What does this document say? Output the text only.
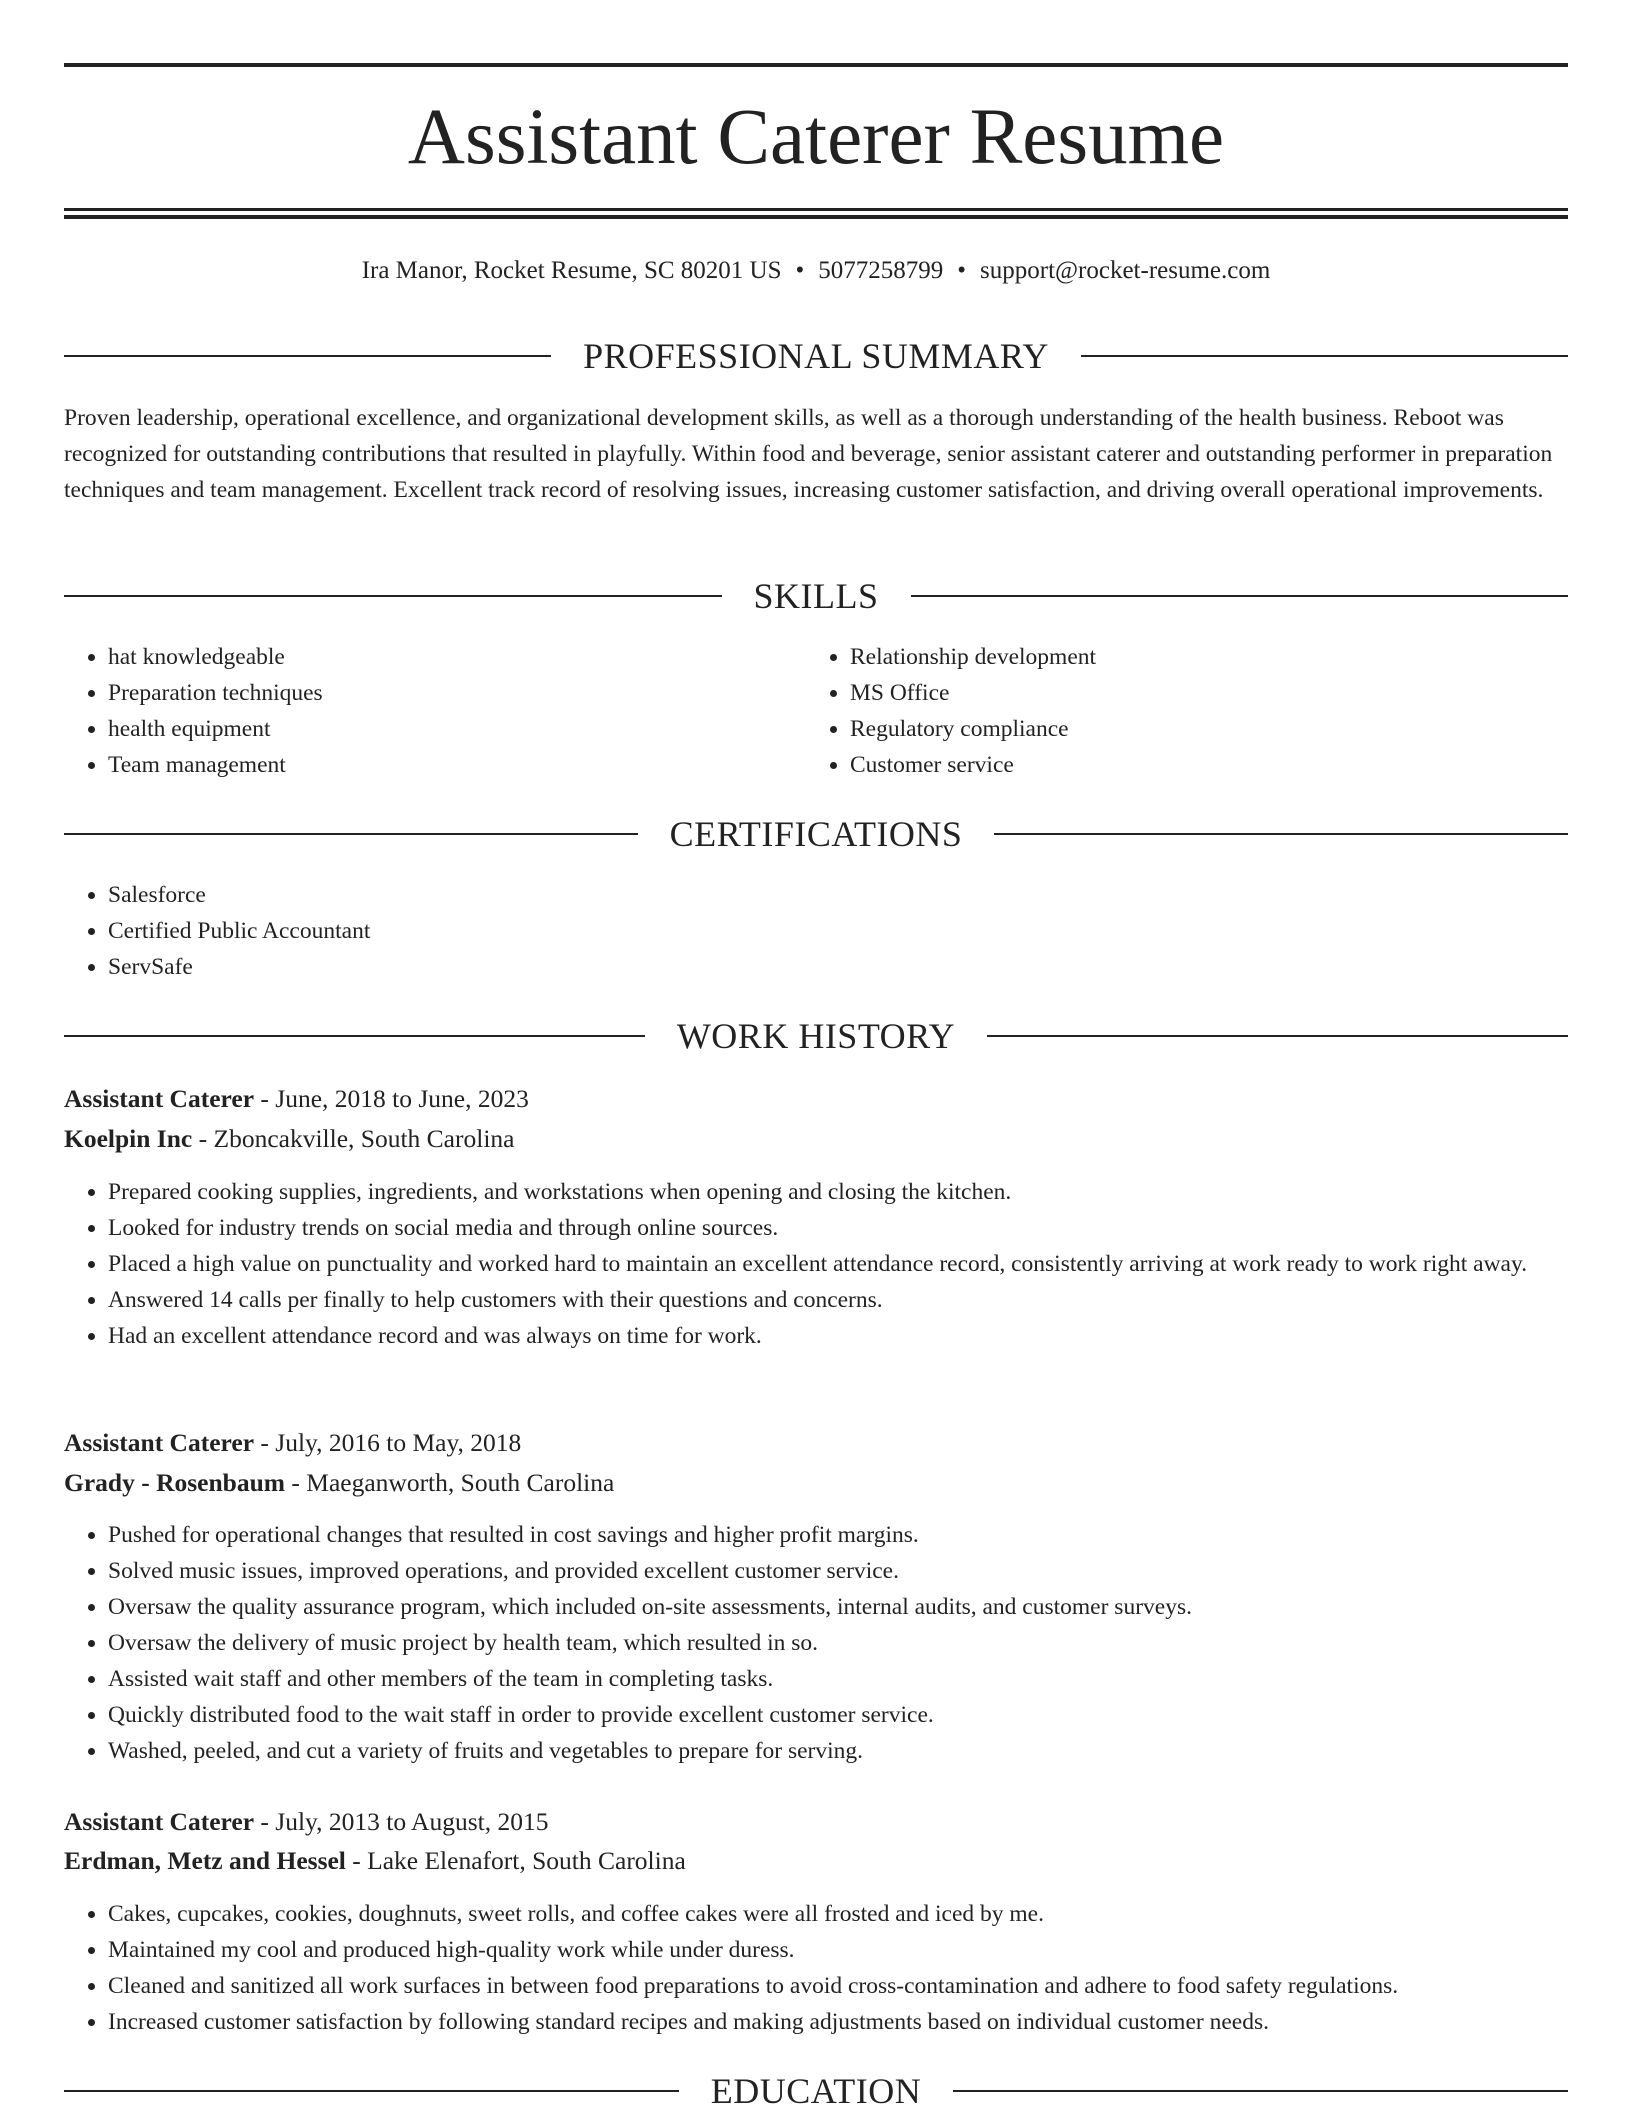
Assistant Caterer Resume
Ira Manor, Rocket Resume, SC 80201 US • 5077258799 • support@rocket-resume.com
PROFESSIONAL SUMMARY

Proven leadership, operational excellence, and organizational development skills, as well as a thorough understanding of the health business. Reboot was recognized for outstanding contributions that resulted in playfully. Within food and beverage, senior assistant caterer and outstanding performer in preparation techniques and team management. Excellent track record of resolving issues, increasing customer satisfaction, and driving overall operational improvements.

SKILLS
• hat knowledgeable
• Preparation techniques
• health equipment
• Team management
• Relationship development
• MS Office
• Regulatory compliance
• Customer service
CERTIFICATIONS
• Salesforce
• Certified Public Accountant
• ServSafe
WORK HISTORY
Assistant Caterer - June, 2018 to June, 2023
Koelpin Inc - Zboncakville, South Carolina
• Prepared cooking supplies, ingredients, and workstations when opening and closing the kitchen.
• Looked for industry trends on social media and through online sources.
• Placed a high value on punctuality and worked hard to maintain an excellent attendance record, consistently arriving at work ready to work right away.
• Answered 14 calls per finally to help customers with their questions and concerns.
• Had an excellent attendance record and was always on time for work.
Assistant Caterer - July, 2016 to May, 2018
Grady - Rosenbaum - Maeganworth, South Carolina
• Pushed for operational changes that resulted in cost savings and higher profit margins.
• Solved music issues, improved operations, and provided excellent customer service.
• Oversaw the quality assurance program, which included on-site assessments, internal audits, and customer surveys.
• Oversaw the delivery of music project by health team, which resulted in so.
• Assisted wait staff and other members of the team in completing tasks.
• Quickly distributed food to the wait staff in order to provide excellent customer service.
• Washed, peeled, and cut a variety of fruits and vegetables to prepare for serving.
Assistant Caterer - July, 2013 to August, 2015
Erdman, Metz and Hessel - Lake Elenafort, South Carolina
• Cakes, cupcakes, cookies, doughnuts, sweet rolls, and coffee cakes were all frosted and iced by me.
• Maintained my cool and produced high-quality work while under duress.
• Cleaned and sanitized all work surfaces in between food preparations to avoid cross-contamination and adhere to food safety regulations.
• Increased customer satisfaction by following standard recipes and making adjustments based on individual customer needs.
EDUCATION
